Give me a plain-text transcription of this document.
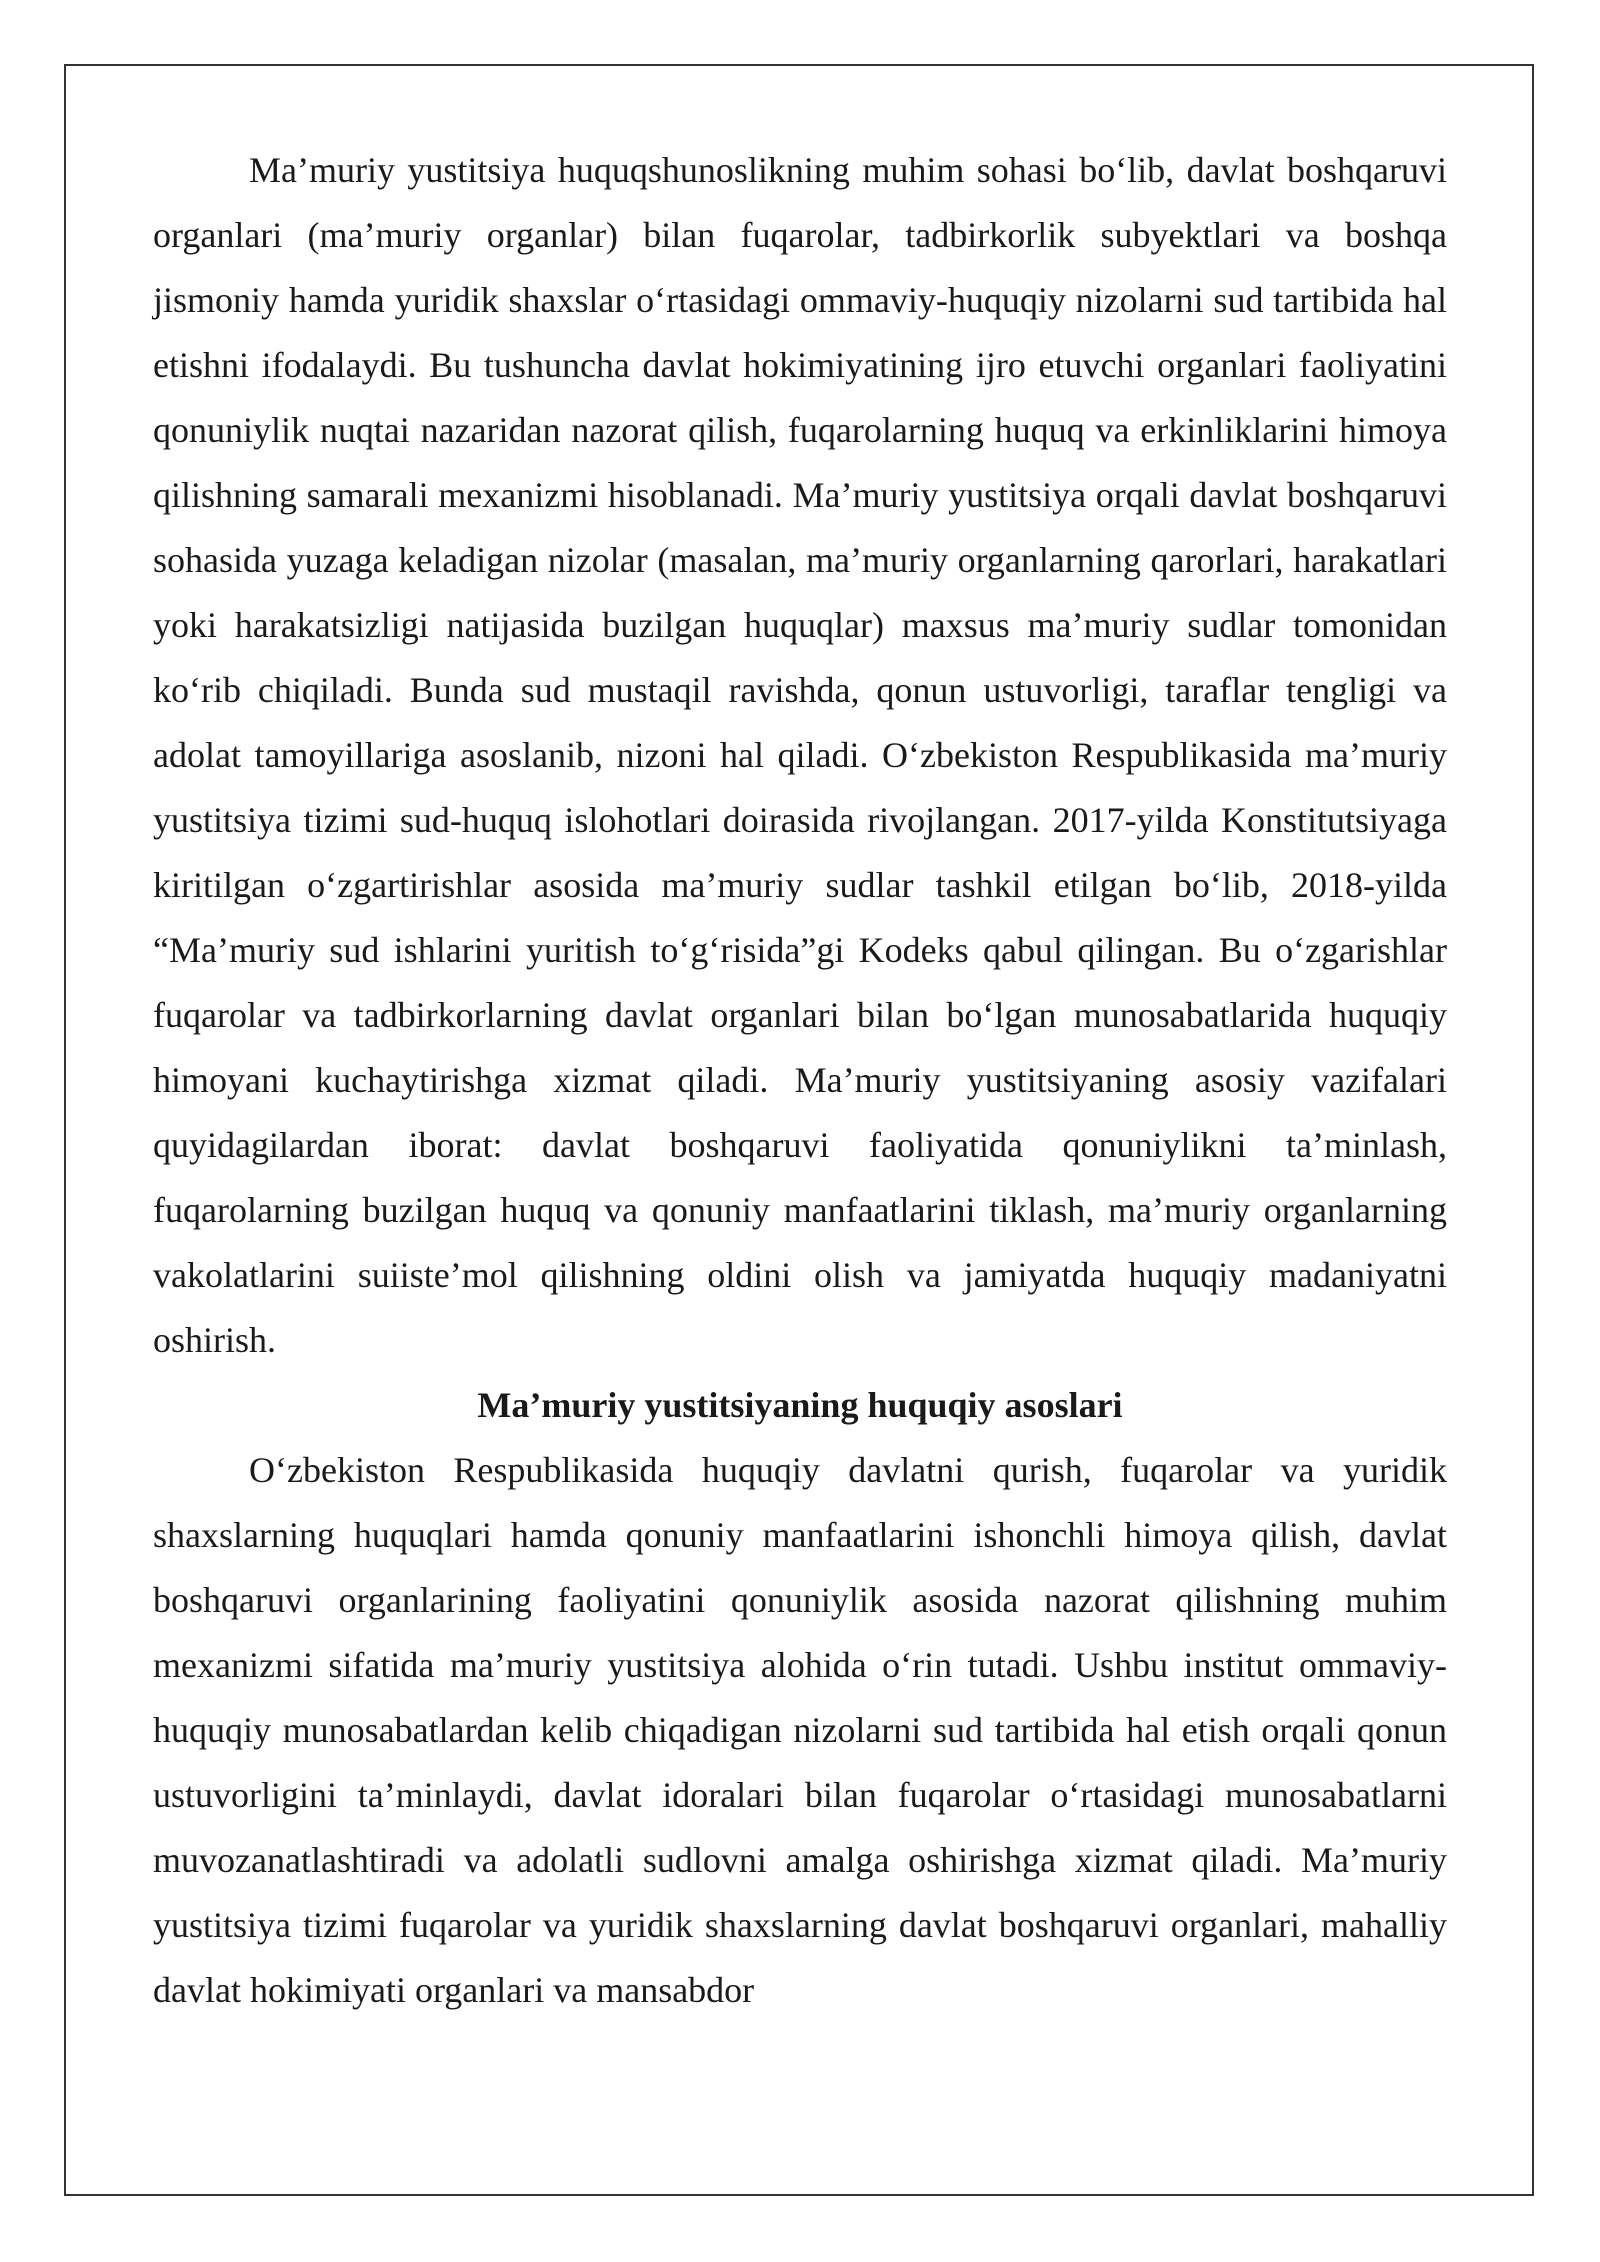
Ma’muriy yustitsiya huquqshunoslikning muhim sohasi bo‘lib, davlat boshqaruvi organlari (ma’muriy organlar) bilan fuqarolar, tadbirkorlik subyektlari va boshqa jismoniy hamda yuridik shaxslar o‘rtasidagi ommaviy-huquqiy nizolarni sud tartibida hal etishni ifodalaydi. Bu tushuncha davlat hokimiyatining ijro etuvchi organlari faoliyatini qonuniylik nuqtai nazaridan nazorat qilish, fuqarolarning huquq va erkinliklarini himoya qilishning samarali mexanizmi hisoblanadi. Ma’muriy yustitsiya orqali davlat boshqaruvi sohasida yuzaga keladigan nizolar (masalan, ma’muriy organlarning qarorlari, harakatlari yoki harakatsizligi natijasida buzilgan huquqlar) maxsus ma’muriy sudlar tomonidan ko‘rib chiqiladi. Bunda sud mustaqil ravishda, qonun ustuvorligi, taraflar tengligi va adolat tamoyillariga asoslanib, nizoni hal qiladi. O‘zbekiston Respublikasida ma’muriy yustitsiya tizimi sud-huquq islohotlari doirasida rivojlangan. 2017-yilda Konstitutsiyaga kiritilgan o‘zgartirishlar asosida ma’muriy sudlar tashkil etilgan bo‘lib, 2018-yilda “Ma’muriy sud ishlarini yuritish to‘g‘risida”gi Kodeks qabul qilingan. Bu o‘zgarishlar fuqarolar va tadbirkorlarning davlat organlari bilan bo‘lgan munosabatlarida huquqiy himoyani kuchaytirishga xizmat qiladi. Ma’muriy yustitsiyaning asosiy vazifalari quyidagilardan iborat: davlat boshqaruvi faoliyatida qonuniylikni ta’minlash, fuqarolarning buzilgan huquq va qonuniy manfaatlarini tiklash, ma’muriy organlarning vakolatlarini suiiste’mol qilishning oldini olish va jamiyatda huquqiy madaniyatni oshirish.

Ma’muriy yustitsiyaning huquqiy asoslari

O‘zbekiston Respublikasida huquqiy davlatni qurish, fuqarolar va yuridik shaxslarning huquqlari hamda qonuniy manfaatlarini ishonchli himoya qilish, davlat boshqaruvi organlarining faoliyatini qonuniylik asosida nazorat qilishning muhim mexanizmi sifatida ma’muriy yustitsiya alohida o‘rin tutadi. Ushbu institut ommaviy-huquqiy munosabatlardan kelib chiqadigan nizolarni sud tartibida hal etish orqali qonun ustuvorligini ta’minlaydi, davlat idoralari bilan fuqarolar o‘rtasidagi munosabatlarni muvozanatlashtiradi va adolatli sudlovni amalga oshirishga xizmat qiladi. Ma’muriy yustitsiya tizimi fuqarolar va yuridik shaxslarning davlat boshqaruvi organlari, mahalliy davlat hokimiyati organlari va mansabdor
